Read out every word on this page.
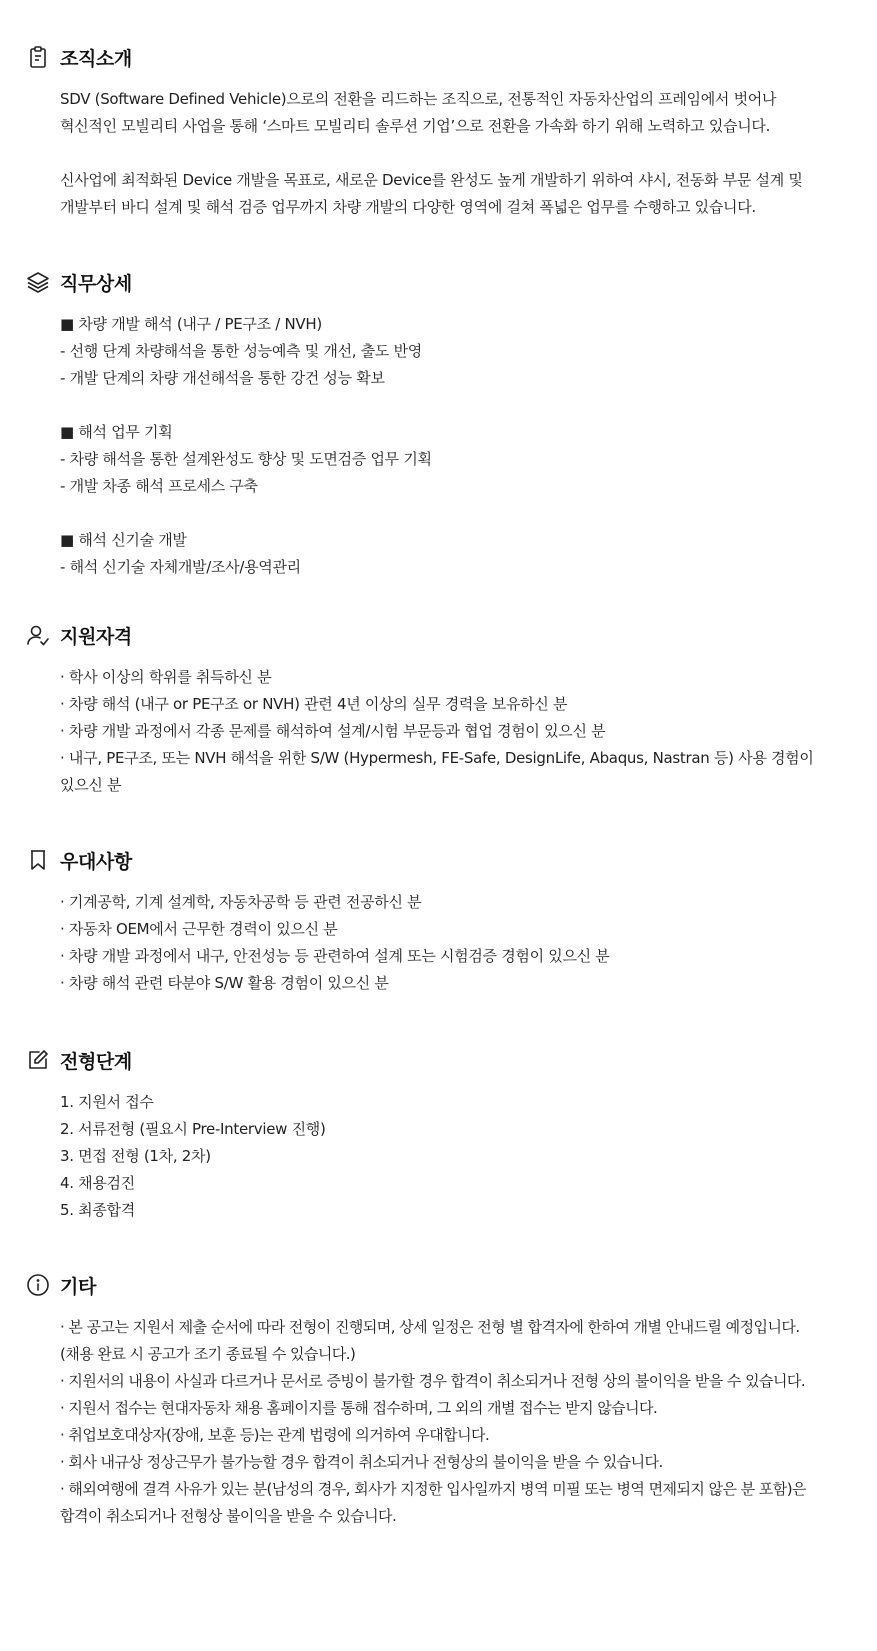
조직소개
SDV (Software Defined Vehicle)으로의 전환을 리드하는 조직으로, 전통적인 자동차산업의 프레임에서 벗어나
혁신적인 모빌리티 사업을 통해 ‘스마트 모빌리티 솔루션 기업’으로 전환을 가속화 하기 위해 노력하고 있습니다.
신사업에 최적화된 Device 개발을 목표로, 새로운 Device를 완성도 높게 개발하기 위하여 샤시, 전동화 부문 설계 및
개발부터 바디 설계 및 해석 검증 업무까지 차량 개발의 다양한 영역에 걸쳐 폭넓은 업무를 수행하고 있습니다.
직무상세
■ 차량 개발 해석 (내구 / PE구조 / NVH)
- 선행 단계 차량해석을 통한 성능예측 및 개선, 출도 반영
- 개발 단계의 차량 개선해석을 통한 강건 성능 확보
■ 해석 업무 기획
- 차량 해석을 통한 설계완성도 향상 및 도면검증 업무 기획
- 개발 차종 해석 프로세스 구축
■ 해석 신기술 개발
- 해석 신기술 자체개발/조사/용역관리
지원자격
· 학사 이상의 학위를 취득하신 분
· 차량 해석 (내구 or PE구조 or NVH) 관련 4년 이상의 실무 경력을 보유하신 분
· 차량 개발 과정에서 각종 문제를 해석하여 설계/시험 부문등과 협업 경험이 있으신 분
· 내구, PE구조, 또는 NVH 해석을 위한 S/W (Hypermesh, FE-Safe, DesignLife, Abaqus, Nastran 등) 사용 경험이
있으신 분
우대사항
· 기계공학, 기계 설계학, 자동차공학 등 관련 전공하신 분
· 자동차 OEM에서 근무한 경력이 있으신 분
· 차량 개발 과정에서 내구, 안전성능 등 관련하여 설계 또는 시험검증 경험이 있으신 분
· 차량 해석 관련 타분야 S/W 활용 경험이 있으신 분
전형단계
1. 지원서 접수
2. 서류전형 (필요시 Pre-Interview 진행)
3. 면접 전형 (1차, 2차)
4. 채용검진
5. 최종합격
기타
· 본 공고는 지원서 제출 순서에 따라 전형이 진행되며, 상세 일정은 전형 별 합격자에 한하여 개별 안내드릴 예정입니다.
(채용 완료 시 공고가 조기 종료될 수 있습니다.)
· 지원서의 내용이 사실과 다르거나 문서로 증빙이 불가할 경우 합격이 취소되거나 전형 상의 불이익을 받을 수 있습니다.
· 지원서 접수는 현대자동차 채용 홈페이지를 통해 접수하며, 그 외의 개별 접수는 받지 않습니다.
· 취업보호대상자(장애, 보훈 등)는 관계 법령에 의거하여 우대합니다.
· 회사 내규상 정상근무가 불가능할 경우 합격이 취소되거나 전형상의 불이익을 받을 수 있습니다.
· 해외여행에 결격 사유가 있는 분(남성의 경우, 회사가 지정한 입사일까지 병역 미필 또는 병역 면제되지 않은 분 포함)은
합격이 취소되거나 전형상 불이익을 받을 수 있습니다.
